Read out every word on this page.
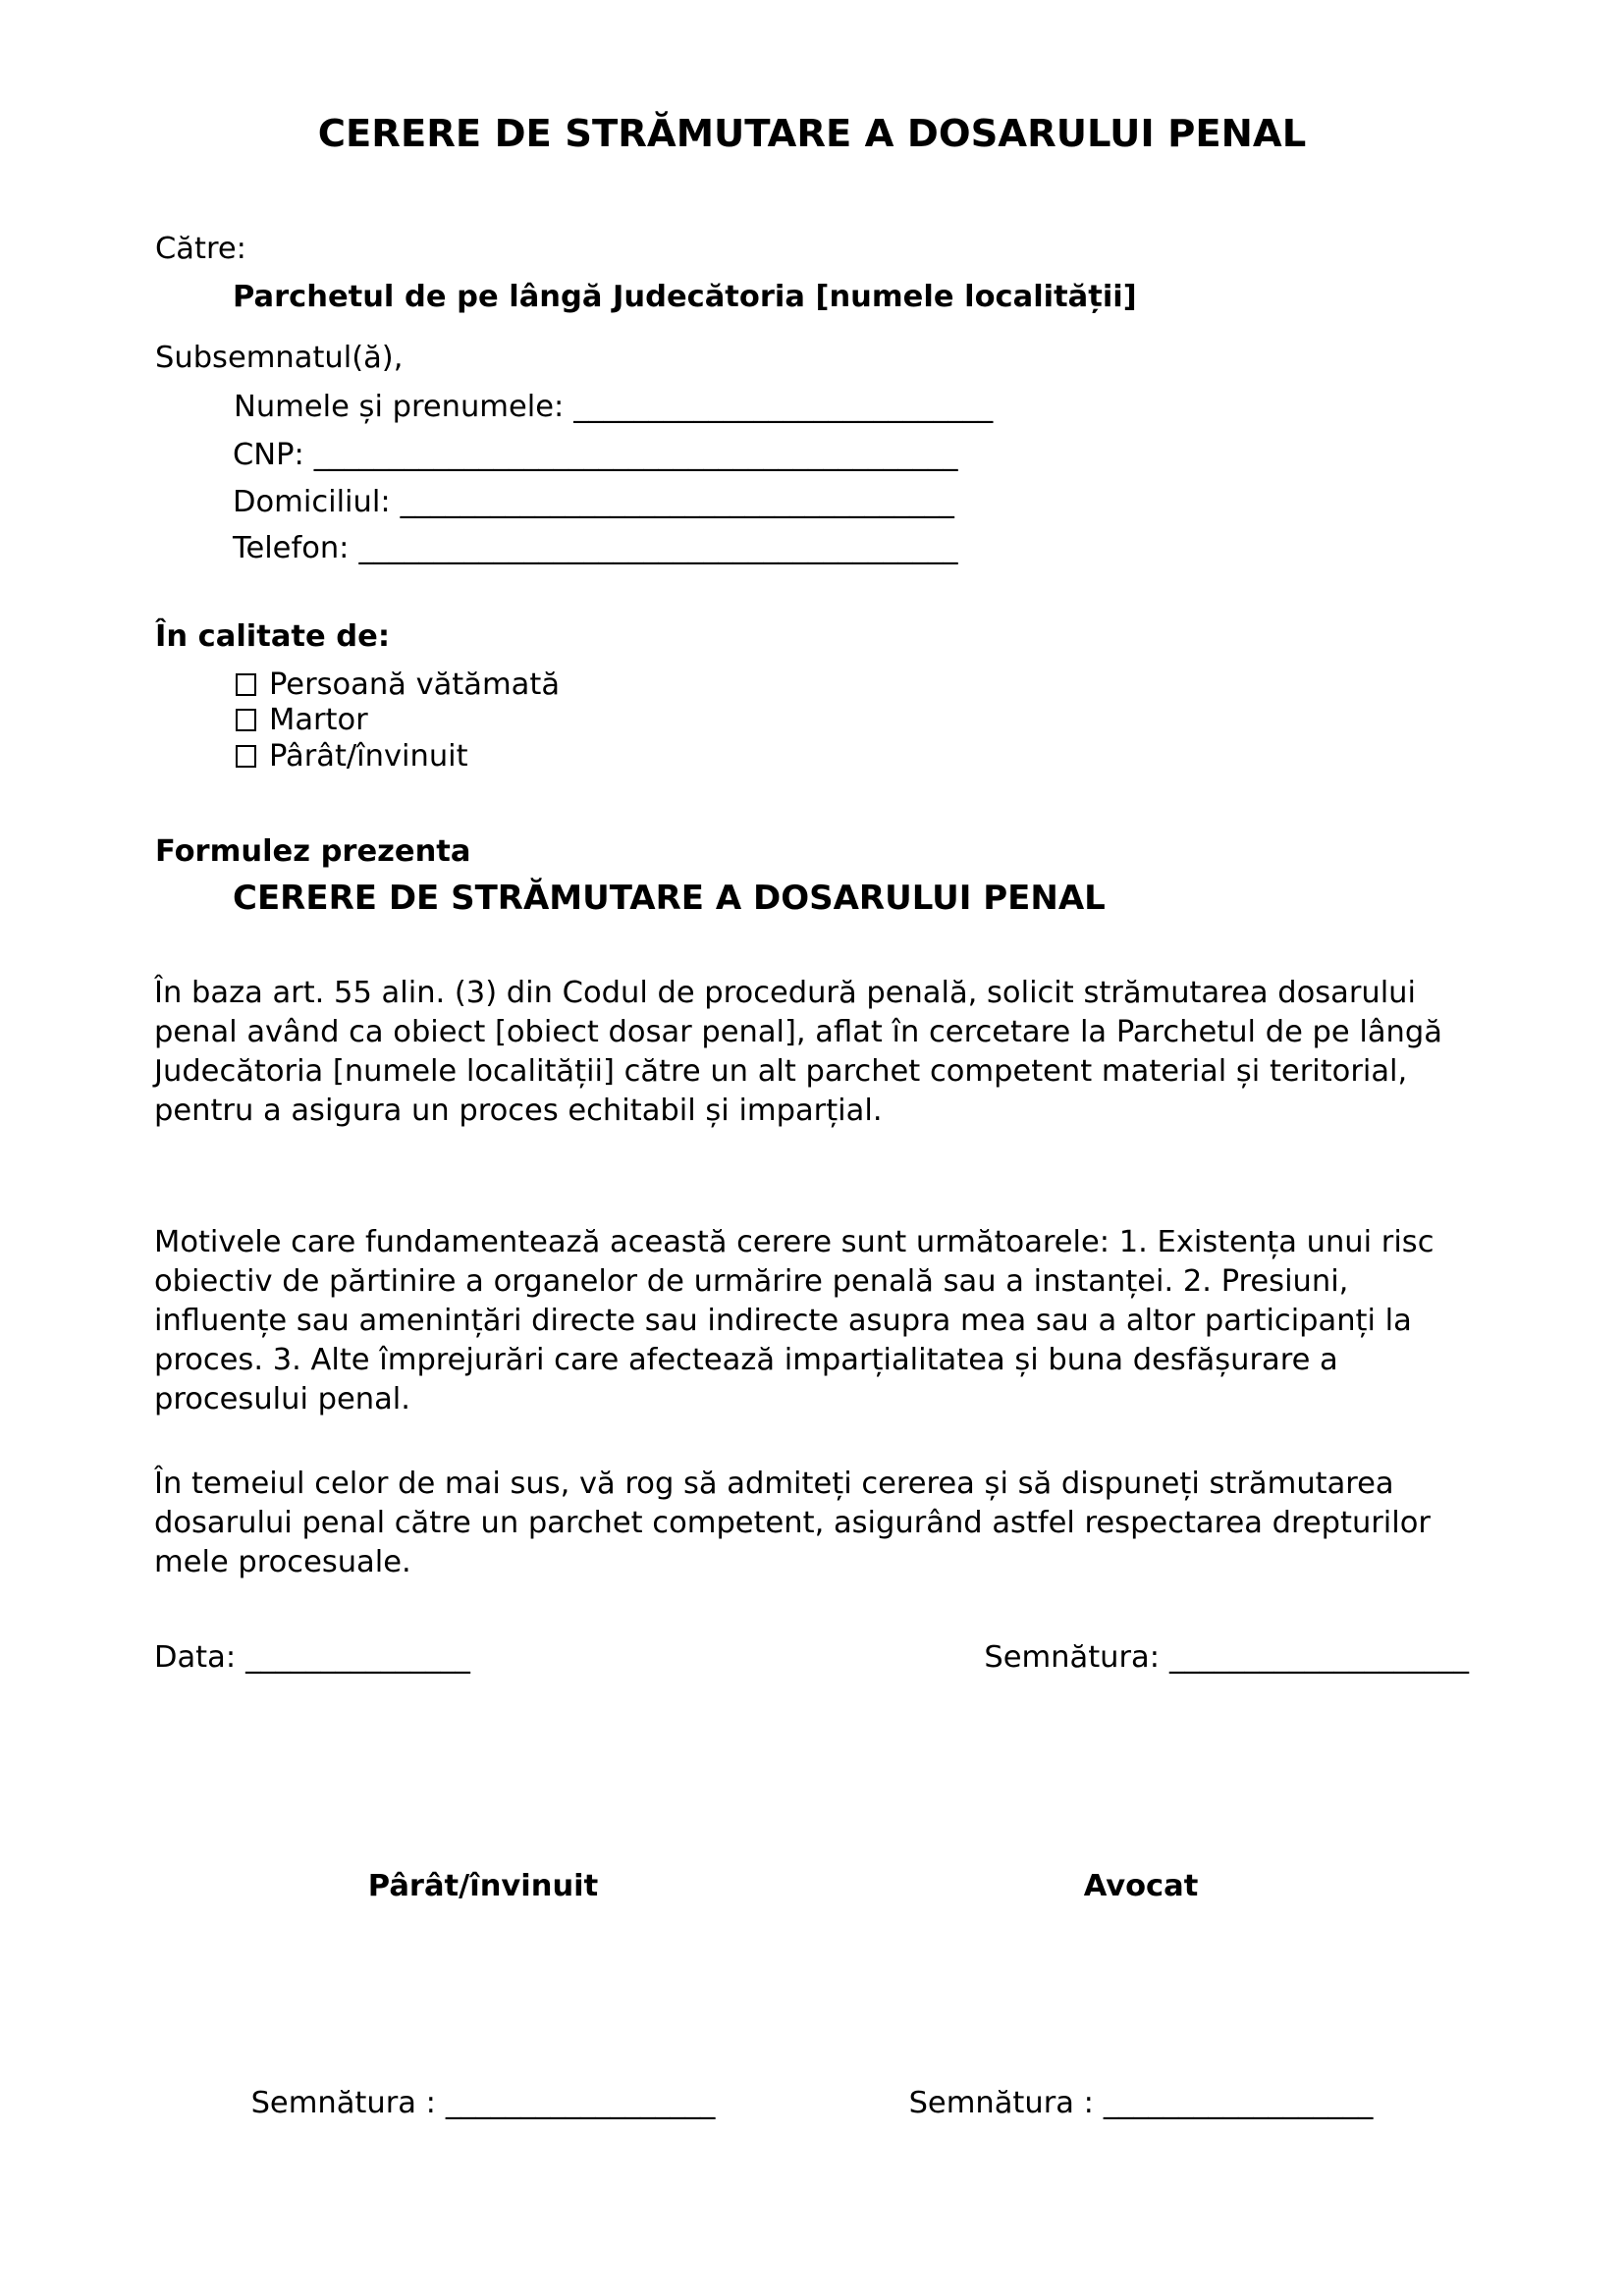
CERERE DE STRĂMUTARE A DOSARULUI PENAL
Către:
Parchetul de pe lângă Judecătoria [numele localității]
Subsemnatul(ă),
Numele și prenumele: ____________________________
CNP: ___________________________________________
Domiciliul: _____________________________________
Telefon: ________________________________________
În calitate de:
Persoană vătămată
Martor
Pârât/învinuit
Formulez prezenta
CERERE DE STRĂMUTARE A DOSARULUI PENAL
În baza art. 55 alin. (3) din Codul de procedură penală, solicit strămutarea dosarului penal având ca obiect [obiect dosar penal], aflat în cercetare la Parchetul de pe lângă Judecătoria [numele localității] către un alt parchet competent material și teritorial, pentru a asigura un proces echitabil și imparțial.
Motivele care fundamentează această cerere sunt următoarele: 1. Existența unui risc obiectiv de părtinire a organelor de urmărire penală sau a instanței. 2. Presiuni, influențe sau amenințări directe sau indirecte asupra mea sau a altor participanți la proces. 3. Alte împrejurări care afectează imparțialitatea și buna desfășurare a procesului penal.
În temeiul celor de mai sus, vă rog să admiteți cererea și să dispuneți strămutarea dosarului penal către un parchet competent, asigurând astfel respectarea drepturilor mele procesuale.
Data: _______________	Semnătura: ____________________
Pârât/învinuit	Avocat
Semnătura : __________________	Semnătura : __________________
